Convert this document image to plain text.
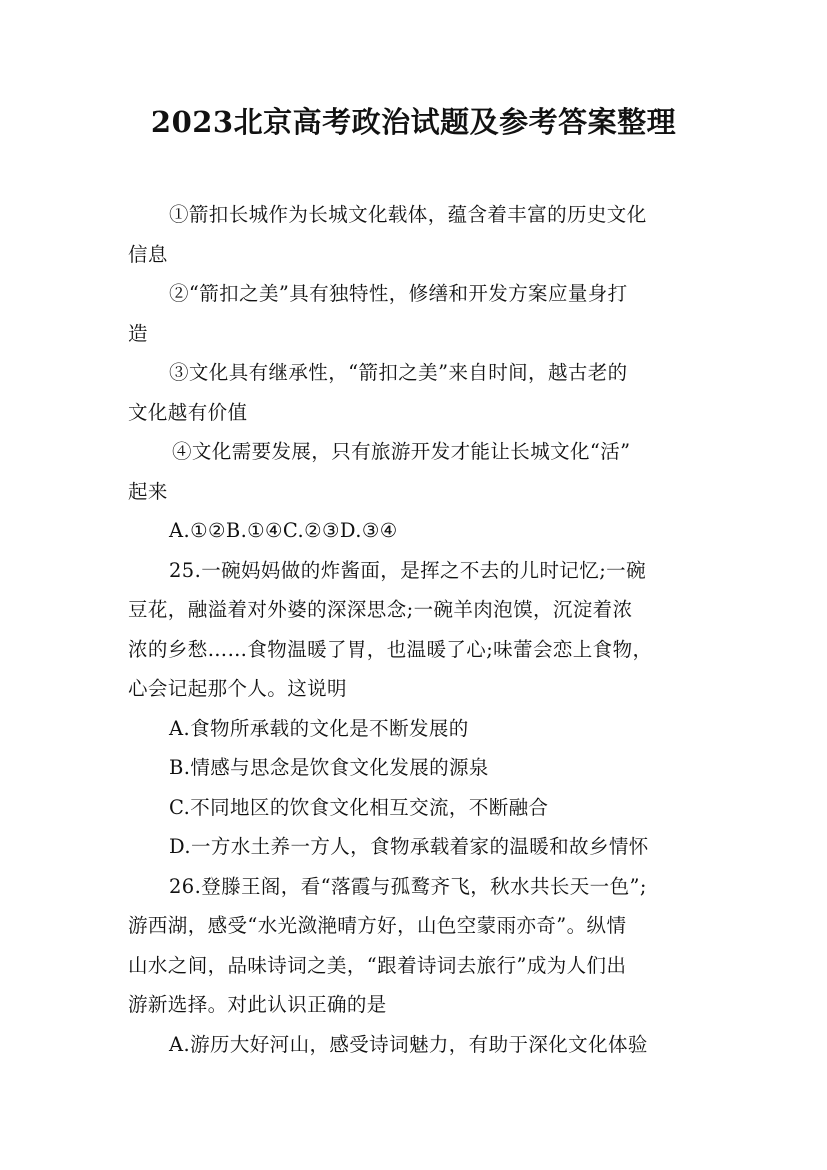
2023北京高考政治试题及参考答案整理
①箭扣长城作为长城文化载体，蕴含着丰富的历史文化
信息
②“箭扣之美”具有独特性，修缮和开发方案应量身打
造
③文化具有继承性，“箭扣之美”来自时间，越古老的
文化越有价值
④文化需要发展，只有旅游开发才能让长城文化“活”
起来
A.①②B.①④C.②③D.③④
25.一碗妈妈做的炸酱面，是挥之不去的儿时记忆;一碗
豆花，融溢着对外婆的深深思念;一碗羊肉泡馍，沉淀着浓
浓的乡愁……食物温暖了胃，也温暖了心;味蕾会恋上食物，
心会记起那个人。这说明
A.食物所承载的文化是不断发展的
B.情感与思念是饮食文化发展的源泉
C.不同地区的饮食文化相互交流，不断融合
D.一方水土养一方人，食物承载着家的温暖和故乡情怀
26.登滕王阁，看“落霞与孤鹜齐飞，秋水共长天一色”;
游西湖，感受“水光潋滟晴方好，山色空蒙雨亦奇”。纵情
山水之间，品味诗词之美，“跟着诗词去旅行”成为人们出
游新选择。对此认识正确的是
A.游历大好河山，感受诗词魅力，有助于深化文化体验
